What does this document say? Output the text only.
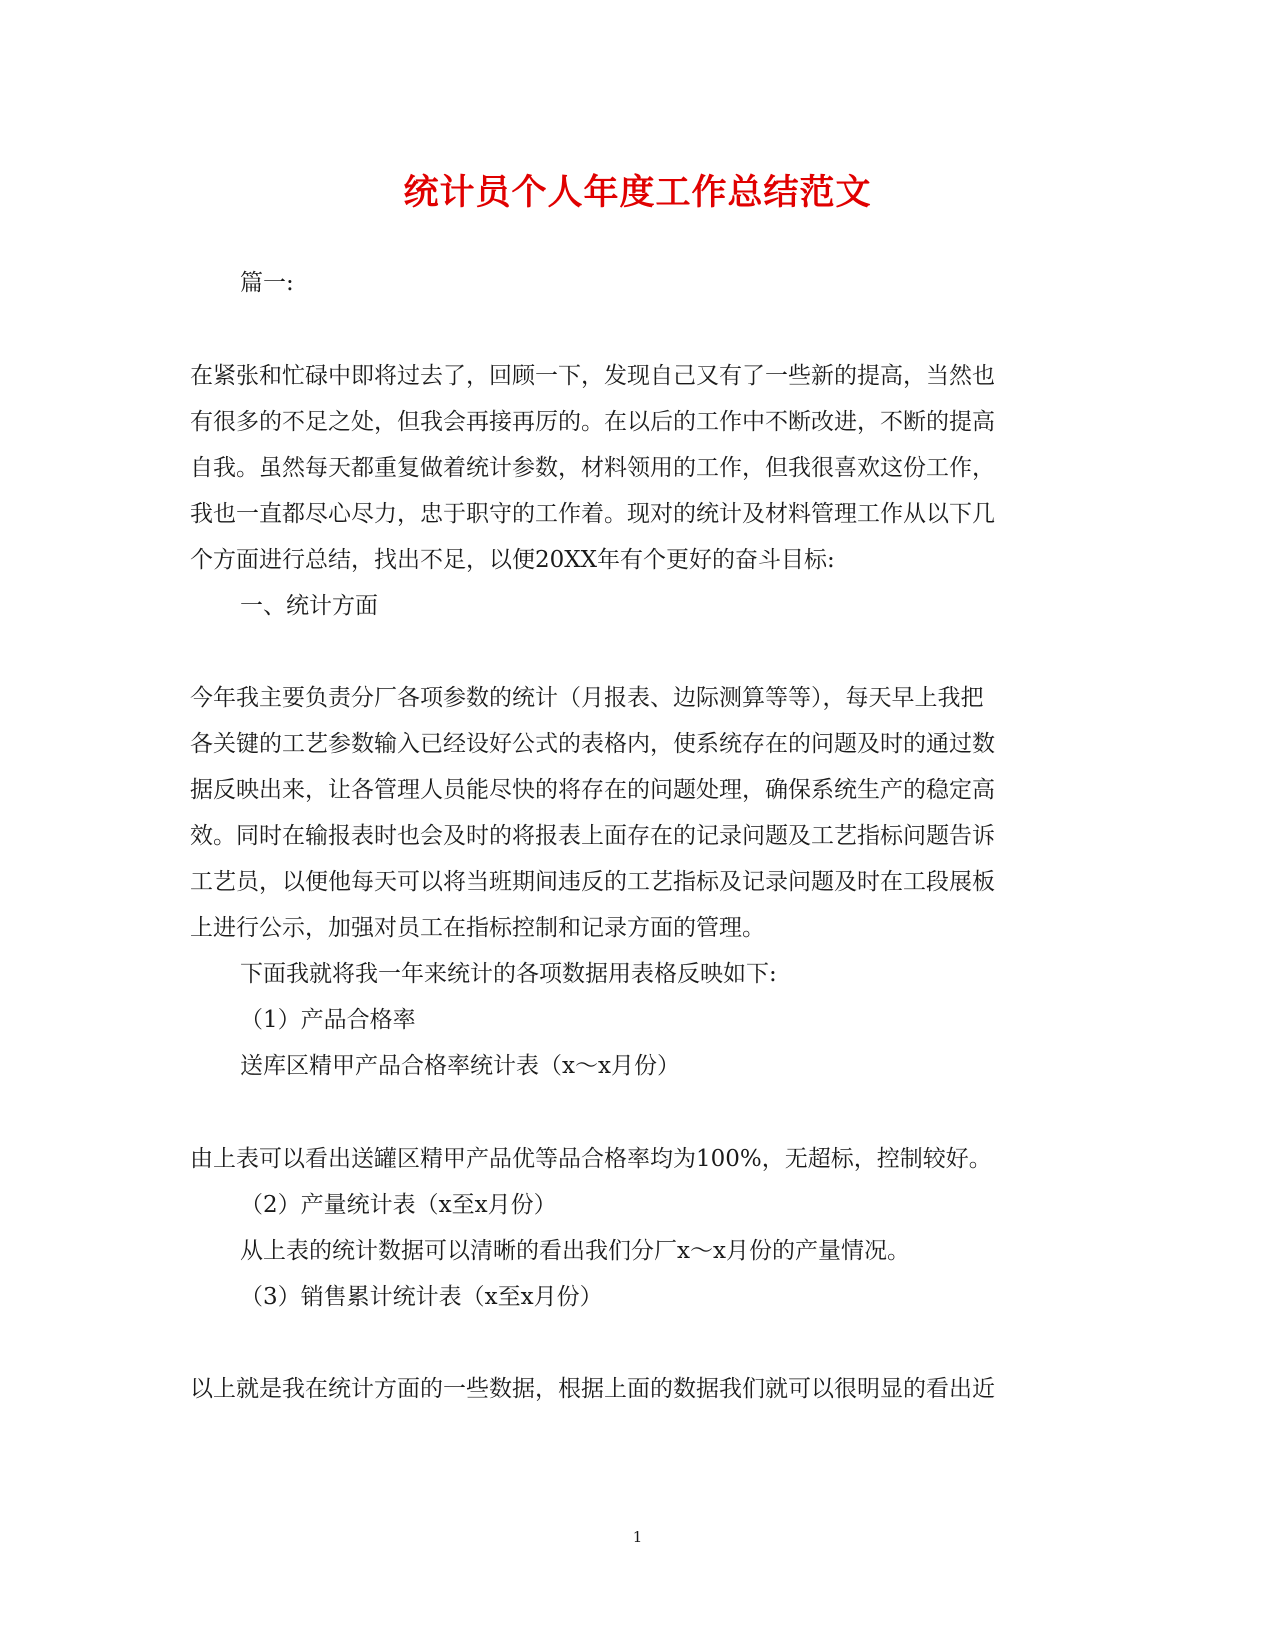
统计员个人年度工作总结范文

篇一:

在紧张和忙碌中即将过去了，回顾一下，发现自己又有了一些新的提高，当然也

有很多的不足之处，但我会再接再厉的。在以后的工作中不断改进，不断的提高

自我。虽然每天都重复做着统计参数，材料领用的工作，但我很喜欢这份工作，

我也一直都尽心尽力，忠于职守的工作着。现对的统计及材料管理工作从以下几

个方面进行总结，找出不足，以便20XX年有个更好的奋斗目标:

一、统计方面

今年我主要负责分厂各项参数的统计（月报表、边际测算等等），每天早上我把

各关键的工艺参数输入已经设好公式的表格内，使系统存在的问题及时的通过数

据反映出来，让各管理人员能尽快的将存在的问题处理，确保系统生产的稳定高

效。同时在输报表时也会及时的将报表上面存在的记录问题及工艺指标问题告诉

工艺员，以便他每天可以将当班期间违反的工艺指标及记录问题及时在工段展板

上进行公示，加强对员工在指标控制和记录方面的管理。

下面我就将我一年来统计的各项数据用表格反映如下:

（1）产品合格率

送库区精甲产品合格率统计表（x～x月份）

由上表可以看出送罐区精甲产品优等品合格率均为100%，无超标，控制较好。

（2）产量统计表（x至x月份）

从上表的统计数据可以清晰的看出我们分厂x～x月份的产量情况。

（3）销售累计统计表（x至x月份）

以上就是我在统计方面的一些数据，根据上面的数据我们就可以很明显的看出近

1
